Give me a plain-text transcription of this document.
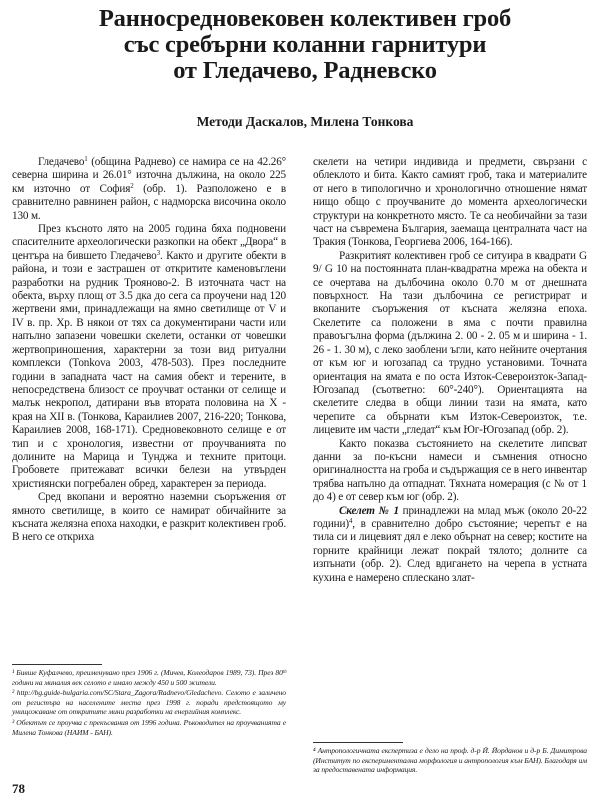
Ранносредновековен колективен гроб
със сребърни коланни гарнитури
от Гледачево, Радневско
Методи Даскалов, Милена Тонкова

Гледачево$^1$ (община Раднево) се намира се на 42.26° северна ширина и 26.01° източна дължина, на около 225 км източно от София$^2$ (обр. 1). Разположено е в сравнително равнинен район, с надморска височина около 130 м.

През късното лято на 2005 година бяха подновени спасителните археологически разкопки на обект „Двора“ в центъра на бившето Гледачево$^3$. Както и другите обекти в района, и този е застрашен от откритите каменовъглени разработки на рудник Трояново-2. В източната част на обекта, върху площ от 3.5 дка до сега са проучени над 120 жертвени ями, принадлежащи на ямно светилище от V и IV в. пр. Хр. В някои от тях са документирани части или напълно запазени човешки скелети, останки от човешки жертвоприношения, характерни за този вид ритуални комплекси (Tonkova 2003, 478-503). През последните години в западната част на самия обект и терените, в непосредствена близост се проучват останки от селище и малък некропол, датирани във втората половина на Х - края на ХII в. (Тонкова, Караилиев 2007, 216-220; Тонкова, Караилиев 2008, 168-171). Средновековното селище е от тип и с хронология, известни от проучванията по долините на Марица и Тунджа и техните притоци. Гробовете притежават всички белези на утвърден християнски погребален обред, характерен за периода.

Сред вкопани и вероятно наземни съоръжения от ямното светилище, в които се намират обичайните за късната желязна епоха находки, е разкрит колективен гроб. В него се откриха

скелети на четири индивида и предмети, свързани с облеклото и бита. Както самият гроб, така и материалите от него в типологично и хронологично отношение нямат нищо общо с проучваните до момента археологически структури на конкретното място. Те са необичайни за тази част на съвремена България, заемаща централната част на Тракия (Тонкова, Георгиева 2006, 164-166).

Разкритият колективен гроб се ситуира в квадрати G 9/ G 10 на постоянната план-квадратна мрежа на обекта и се очертава на дълбочина около 0.70 м от днешната повърхност. На тази дълбочина се регистрират и вкопаните съоръжения от късната желязна епоха. Скелетите са положени в яма с почти правилна правоъгълна форма (дължина 2. 00 - 2. 05 м и ширина - 1. 26 - 1. 30 м), с леко заоблени ъгли, като нейните очертания от към юг и югозапад са трудно установими. Точната ориентация на ямата е по оста Изток-Североизток-Запад-Югозапад (съответно: 60°-240°). Ориентацията на скелетите следва в общи линии тази на ямата, като черепите са обърнати към Изток-Североизток, т.е. лицевите им части „гледат“ към Юг-Югозапад (обр. 2).

Както показва състоянието на скелетите липсват данни за по-късни намеси и съмнения относно оригиналността на гроба и съдържащия се в него инвентар трябва напълно да отпаднат. Тяхната номерация (с № от 1 до 4) е от север към юг (обр. 2).

Скелет № 1 принадлежи на млад мъж (около 20-22 години)$^4$, в сравнително добро състояние; черепът е на тила си и лицевият дял е леко обърнат на север; костите на горните крайници лежат покрай тялото; долните са изпънати (обр. 2). След вдигането на черепа в устната кухина е намерено сплескано злат-

¹ Бивше Куфалчево, преименувано през 1906 г. (Мичев, Колеодаров 1989, 73). През 80ᵗʰ години на миналия век селото е имало между 450 и 500 жители.

² http://bg.guide-bulgaria.com/SC/Stara_Zagora/Radnevo/Gledachevo. Селото е заличено от регистъра на населените места през 1998 г. поради предстоящото му унищожаване от откритите мини разработки на енергийния комплекс.

³ Обектът се проучва с прекъсвания от 1996 година. Ръководител на проучванията е Милена Тонкова (НАИМ - БАН).

⁴ Антропологичната експертиза е дело на проф. д-р Й. Йорданов и д-р Б. Димитрова (Институт по експериментална морфология и антропология към БАН). Благодаря им за предоставената информация.

78
